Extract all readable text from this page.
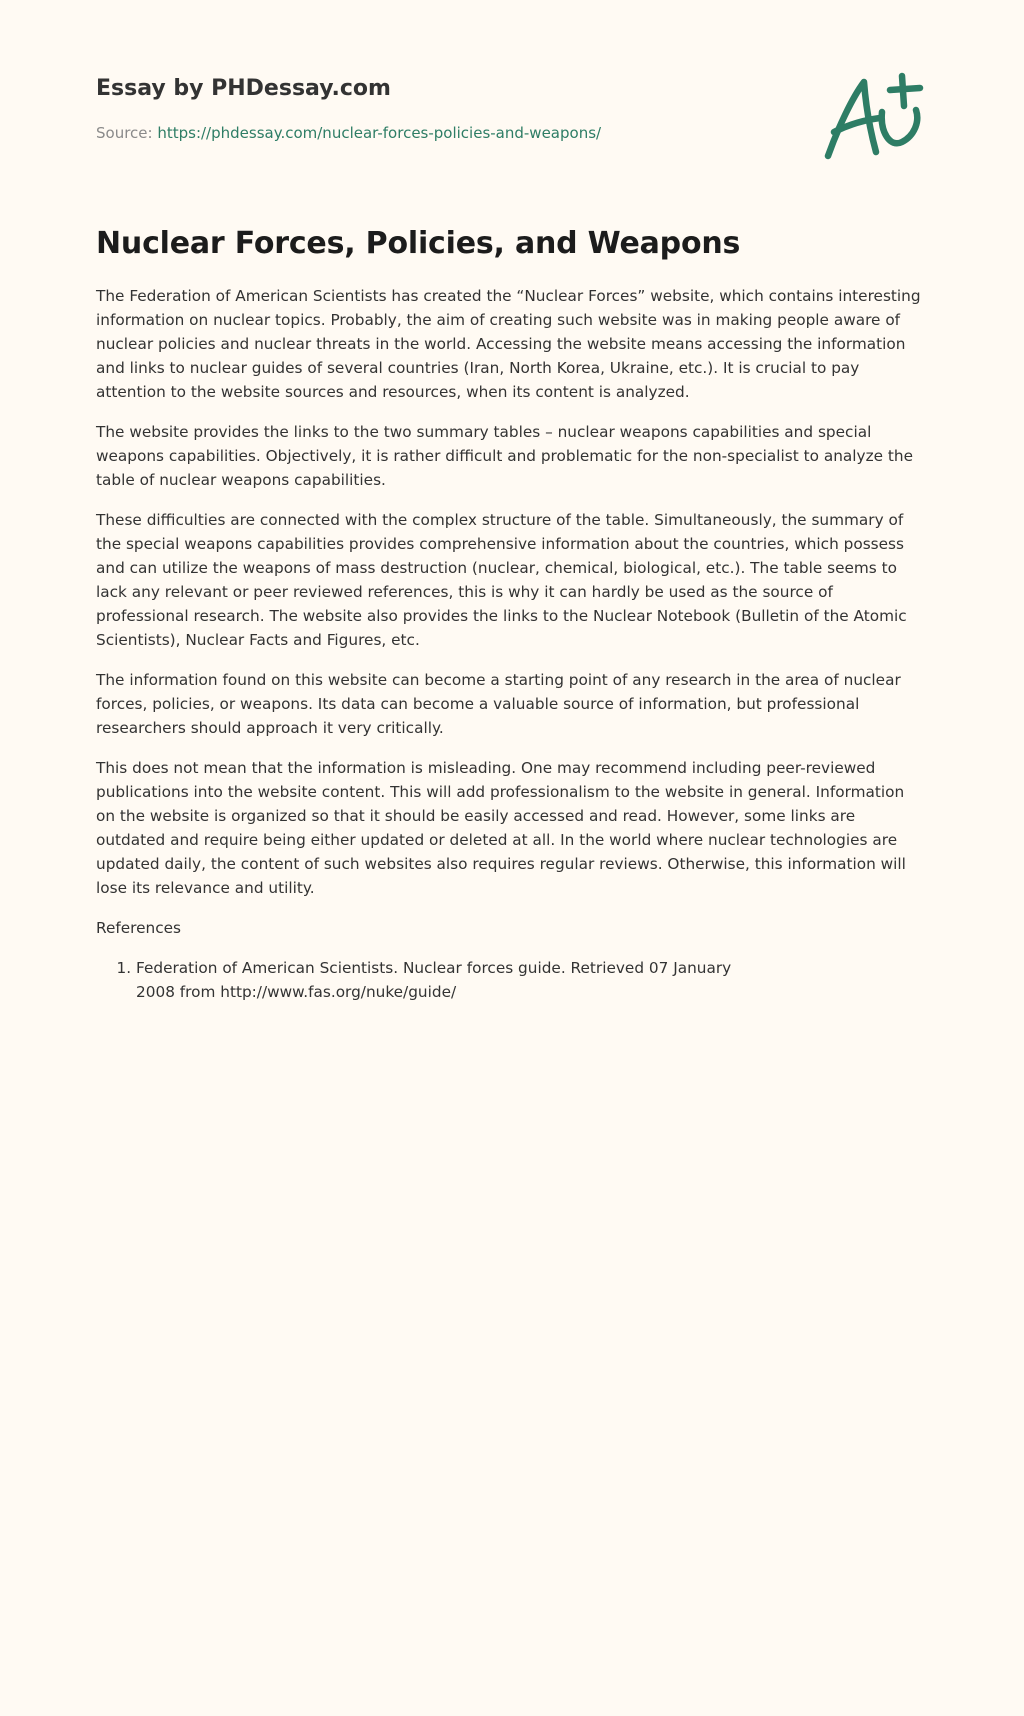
Essay by PHDessay.com
Source: https://phdessay.com/nuclear-forces-policies-and-weapons/
Nuclear Forces, Policies, and Weapons

The Federation of American Scientists has created the “Nuclear Forces” website, which contains interesting information on nuclear topics. Probably, the aim of creating such website was in making people aware of nuclear policies and nuclear threats in the world. Accessing the website means accessing the information and links to nuclear guides of several countries (Iran, North Korea, Ukraine, etc.). It is crucial to pay attention to the website sources and resources, when its content is analyzed.

The website provides the links to the two summary tables – nuclear weapons capabilities and special weapons capabilities. Objectively, it is rather difficult and problematic for the non-specialist to analyze the table of nuclear weapons capabilities.

These difficulties are connected with the complex structure of the table. Simultaneously, the summary of the special weapons capabilities provides comprehensive information about the countries, which possess and can utilize the weapons of mass destruction (nuclear, chemical, biological, etc.). The table seems to lack any relevant or peer reviewed references, this is why it can hardly be used as the source of professional research. The website also provides the links to the Nuclear Notebook (Bulletin of the Atomic Scientists), Nuclear Facts and Figures, etc.

The information found on this website can become a starting point of any research in the area of nuclear forces, policies, or weapons. Its data can become a valuable source of information, but professional researchers should approach it very critically.

This does not mean that the information is misleading. One may recommend including peer-reviewed publications into the website content. This will add professionalism to the website in general. Information on the website is organized so that it should be easily accessed and read. However, some links are outdated and require being either updated or deleted at all. In the world where nuclear technologies are updated daily, the content of such websites also requires regular reviews. Otherwise, this information will lose its relevance and utility.

References
1. Federation of American Scientists. Nuclear forces guide. Retrieved 07 January 2008 from http://www.fas.org/nuke/guide/
